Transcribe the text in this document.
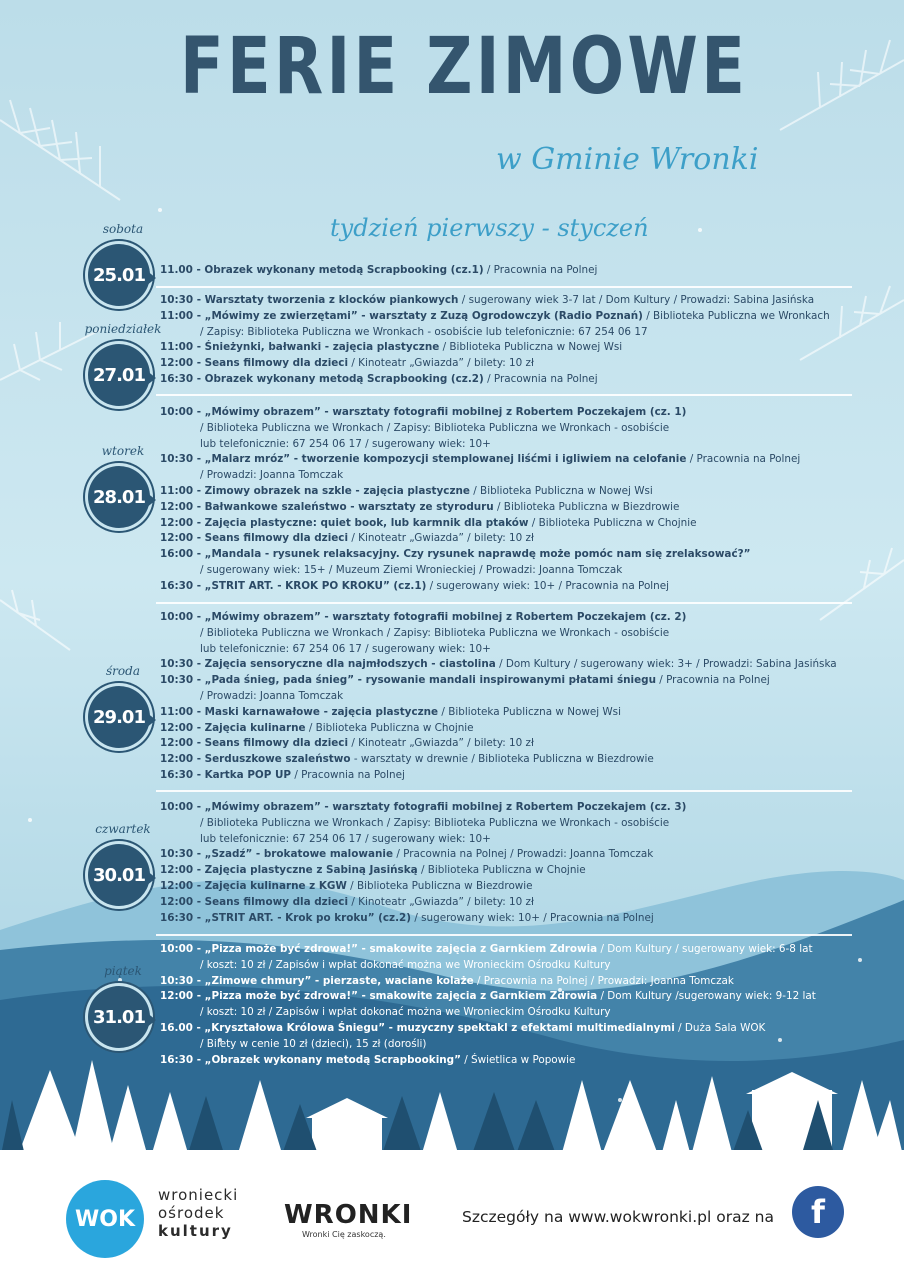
FERIE ZIMOWE
w Gminie Wronki
tydzień pierwszy - styczeń
sobota
25.01
poniedziałek
27.01
wtorek
28.01
środa
29.01
czwartek
30.01
piątek
31.01
11.00 - Obrazek wykonany metodą Scrapbooking (cz.1) / Pracownia na Polnej
10:30 - Warsztaty tworzenia z klocków piankowych / sugerowany wiek 3-7 lat / Dom Kultury / Prowadzi: Sabina Jasińska
11:00 - „Mówimy ze zwierzętami” - warsztaty z Zuzą Ogrodowczyk (Radio Poznań) / Biblioteka Publiczna we Wronkach
/ Zapisy: Biblioteka Publiczna we Wronkach - osobiście lub telefonicznie: 67 254 06 17
11:00 - Śnieżynki, bałwanki - zajęcia plastyczne / Biblioteka Publiczna w Nowej Wsi
12:00 - Seans filmowy dla dzieci / Kinoteatr „Gwiazda” / bilety: 10 zł
16:30 - Obrazek wykonany metodą Scrapbooking (cz.2) / Pracownia na Polnej
10:00 - „Mówimy obrazem” - warsztaty fotografii mobilnej z Robertem Poczekajem (cz. 1)
/ Biblioteka Publiczna we Wronkach / Zapisy: Biblioteka Publiczna we Wronkach - osobiście
lub telefonicznie: 67 254 06 17 / sugerowany wiek: 10+
10:30 - „Malarz mróz” - tworzenie kompozycji stemplowanej liśćmi i igliwiem na celofanie / Pracownia na Polnej
/ Prowadzi: Joanna Tomczak
11:00 - Zimowy obrazek na szkle - zajęcia plastyczne / Biblioteka Publiczna w Nowej Wsi
12:00 - Bałwankowe szaleństwo - warsztaty ze styroduru / Biblioteka Publiczna w Biezdrowie
12:00 - Zajęcia plastyczne: quiet book, lub karmnik dla ptaków / Biblioteka Publiczna w Chojnie
12:00 - Seans filmowy dla dzieci / Kinoteatr „Gwiazda” / bilety: 10 zł
16:00 - „Mandala - rysunek relaksacyjny. Czy rysunek naprawdę może pomóc nam się zrelaksować?”
/ sugerowany wiek: 15+ / Muzeum Ziemi Wronieckiej / Prowadzi: Joanna Tomczak
16:30 - „STRIT ART. - KROK PO KROKU” (cz.1) / sugerowany wiek: 10+ / Pracownia na Polnej
10:00 - „Mówimy obrazem” - warsztaty fotografii mobilnej z Robertem Poczekajem (cz. 2)
/ Biblioteka Publiczna we Wronkach / Zapisy: Biblioteka Publiczna we Wronkach - osobiście
lub telefonicznie: 67 254 06 17 / sugerowany wiek: 10+
10:30 - Zajęcia sensoryczne dla najmłodszych - ciastolina / Dom Kultury / sugerowany wiek: 3+ / Prowadzi: Sabina Jasińska
10:30 - „Pada śnieg, pada śnieg” - rysowanie mandali inspirowanymi płatami śniegu / Pracownia na Polnej
/ Prowadzi: Joanna Tomczak
11:00 - Maski karnawałowe - zajęcia plastyczne / Biblioteka Publiczna w Nowej Wsi
12:00 - Zajęcia kulinarne / Biblioteka Publiczna w Chojnie
12:00 - Seans filmowy dla dzieci / Kinoteatr „Gwiazda” / bilety: 10 zł
12:00 - Serduszkowe szaleństwo - warsztaty w drewnie / Biblioteka Publiczna w Biezdrowie
16:30 - Kartka POP UP / Pracownia na Polnej
10:00 - „Mówimy obrazem” - warsztaty fotografii mobilnej z Robertem Poczekajem (cz. 3)
/ Biblioteka Publiczna we Wronkach / Zapisy: Biblioteka Publiczna we Wronkach - osobiście
lub telefonicznie: 67 254 06 17 / sugerowany wiek: 10+
10:30 - „Szadź” - brokatowe malowanie / Pracownia na Polnej / Prowadzi: Joanna Tomczak
12:00 - Zajęcia plastyczne z Sabiną Jasińską / Biblioteka Publiczna w Chojnie
12:00 - Zajęcia kulinarne z KGW / Biblioteka Publiczna w Biezdrowie
12:00 - Seans filmowy dla dzieci / Kinoteatr „Gwiazda” / bilety: 10 zł
16:30 - „STRIT ART. - Krok po kroku” (cz.2) / sugerowany wiek: 10+ / Pracownia na Polnej
10:00 - „Pizza może być zdrowa!” - smakowite zajęcia z Garnkiem Zdrowia / Dom Kultury / sugerowany wiek: 6-8 lat
/ koszt: 10 zł / Zapisów i wpłat dokonać można we Wronieckim Ośrodku Kultury
10:30 - „Zimowe chmury” - pierzaste, waciane kolaże / Pracownia na Polnej / Prowadzi: Joanna Tomczak
12:00 - „Pizza może być zdrowa!” - smakowite zajęcia z Garnkiem Zdrowia / Dom Kultury /sugerowany wiek: 9-12 lat
/ koszt: 10 zł / Zapisów i wpłat dokonać można we Wronieckim Ośrodku Kultury
16.00 - „Kryształowa Królowa Śniegu” - muzyczny spektakl z efektami multimedialnymi / Duża Sala WOK
/ Bilety w cenie 10 zł (dzieci), 15 zł (dorośli)
16:30 - „Obrazek wykonany metodą Scrapbooking” / Świetlica w Popowie
WOK
wroniecki
ośrodek
kultury
WRONKI
Wronki Cię zaskoczą.
Szczegóły na www.wokwronki.pl oraz na	f
